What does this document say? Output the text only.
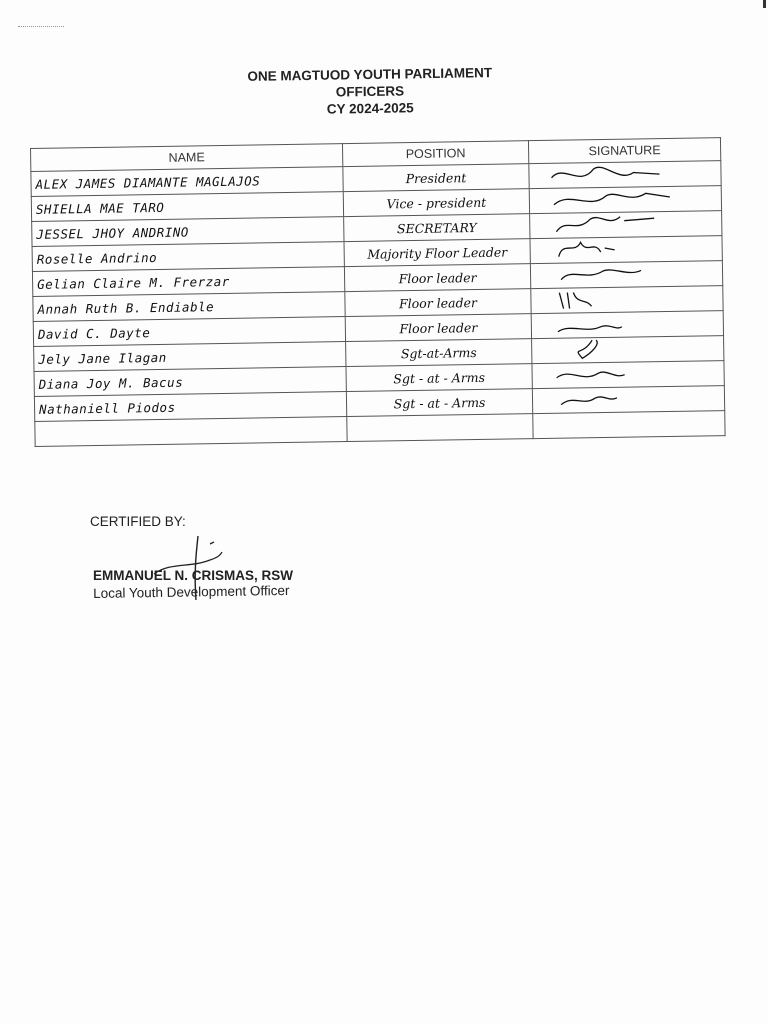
ONE MAGTUOD YOUTH PARLIAMENT
OFFICERS
CY 2024-2025
NAME	POSITION	SIGNATURE
ALEX JAMES DIAMANTE MAGLAJOS	President	

SHIELLA MAE TARO	Vice - president	

JESSEL JHOY ANDRINO	SECRETARY	

Roselle Andrino	Majority Floor Leader	

Gelian Claire M. Frerzar	Floor leader	

Annah Ruth B. Endiable	Floor leader	

David C. Dayte	Floor leader	

Jely Jane Ilagan	Sgt-at-Arms	

Diana Joy M. Bacus	Sgt - at - Arms	

Nathaniell Piodos	Sgt - at - Arms	

CERTIFIED BY:
EMMANUEL N. CRISMAS, RSW
Local Youth Development Officer
